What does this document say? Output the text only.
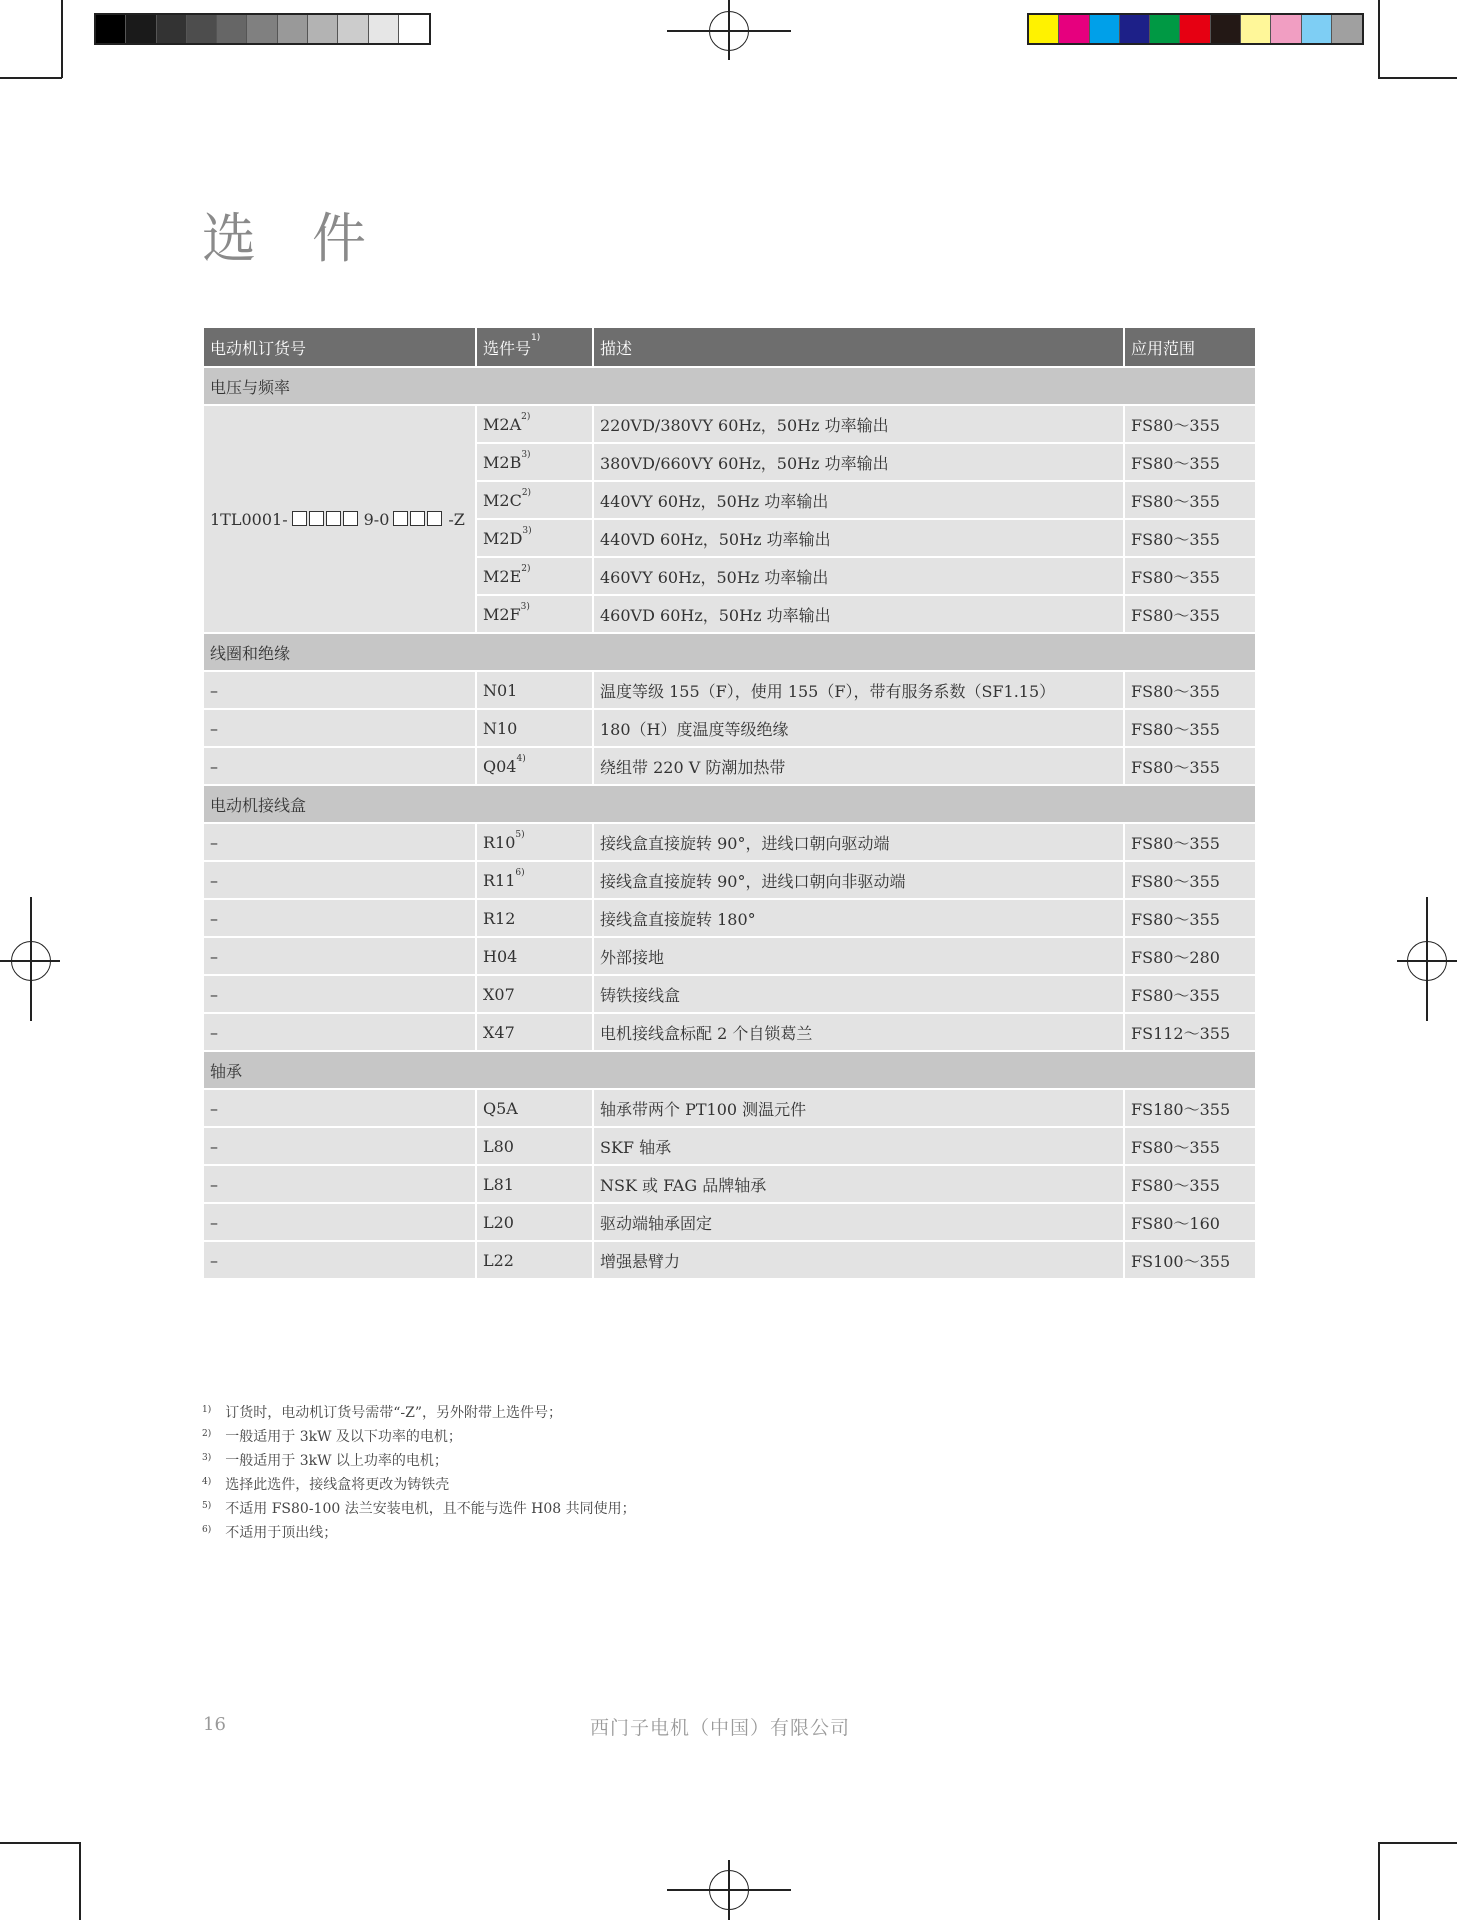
选件
电动机订货号	选件号$^{1)}$	描述	应用范围
电压与频率			
1TL0001- 9-0 -Z	$M2A^{2)}$	220VD/380VY 60Hz，50Hz 功率输出	FS80～355
	$M2B^{3)}$	380VD/660VY 60Hz，50Hz 功率输出	FS80～355
	$M2C^{2)}$	440VY 60Hz，50Hz 功率输出	FS80～355
	$M2D^{3)}$	440VD 60Hz，50Hz 功率输出	FS80～355
	$M2E^{2)}$	460VY 60Hz，50Hz 功率输出	FS80～355
	$M2F^{3)}$	460VD 60Hz，50Hz 功率输出	FS80～355
线圈和绝缘			
–	N01	温度等级 155（F），使用 155（F），带有服务系数（SF1.15）	FS80～355
–	N10	180（H）度温度等级绝缘	FS80～355
–	Q04$^{4)}$	绕组带 220 V 防潮加热带	FS80～355
电动机接线盒			
–	R10$^{5)}$	接线盒直接旋转 90°，进线口朝向驱动端	FS80～355
–	R11$^{6)}$	接线盒直接旋转 90°，进线口朝向非驱动端	FS80～355
–	R12	接线盒直接旋转 180°	FS80～355
–	H04	外部接地	FS80～280
–	X07	铸铁接线盒	FS80～355
–	X47	电机接线盒标配 2 个自锁葛兰	FS112～355
轴承			
–	Q5A	轴承带两个 PT100 测温元件	FS180～355
–	L80	SKF 轴承	FS80～355
–	L81	NSK 或 FAG 品牌轴承	FS80～355
–	L20	驱动端轴承固定	FS80～160
–	L22	增强悬臂力	FS100～355
$^{1)}$ 订货时，电动机订货号需带“-Z”，另外附带上选件号；
$^{2)}$ 一般适用于 3kW 及以下功率的电机；
$^{3)}$ 一般适用于 3kW 以上功率的电机；
$^{4)}$ 选择此选件，接线盒将更改为铸铁壳
$^{5)}$ 不适用 FS80-100 法兰安装电机，且不能与选件 H08 共同使用；
$^{6)}$ 不适用于顶出线；
16	西门子电机（中国）有限公司
